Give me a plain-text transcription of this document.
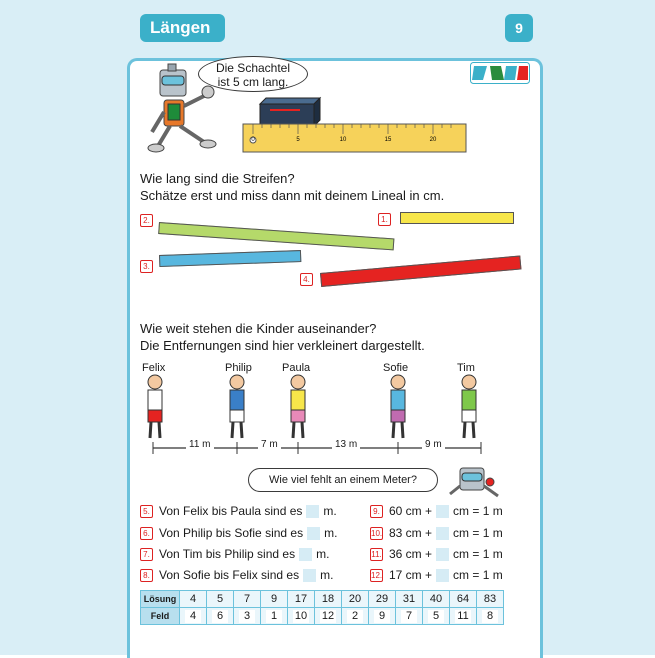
Längen	9
Die Schachtel
ist 5 cm lang.
0	5	10	15	20
Wie lang sind die Streifen?
Schätze erst und miss dann mit deinem Lineal in cm.
1.
2.
3.
4.
Wie weit stehen die Kinder auseinander?
Die Entfernungen sind hier verkleinert dargestellt.
Felix	Philip	Paula	Sofie	Tim
11 m	7 m	13 m	9 m
Wie viel fehlt an einem Meter?
5. Von Felix bis Paula sind es m.
6. Von Philip bis Sofie sind es m.
7. Von Tim bis Philip sind es m.
8. Von Sofie bis Felix sind es m.
9. 60 cm + cm = 1 m
10. 83 cm + cm = 1 m
11. 36 cm + cm = 1 m
12. 17 cm + cm = 1 m
Lösung	4	5	7	9	17	18	20	29	31	40	64	83
Feld	4	6	3	1	10	12	2	9	7	5	11	8
